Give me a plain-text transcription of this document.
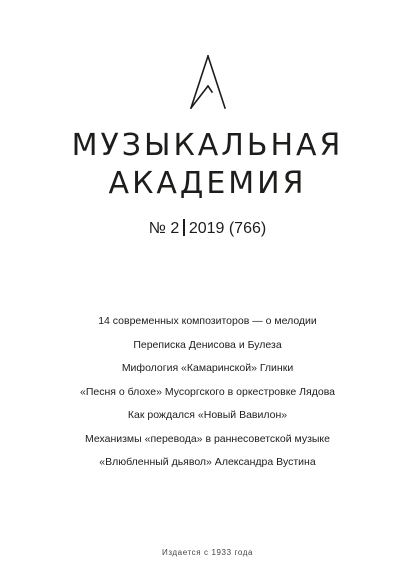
МУЗЫКАЛЬНАЯ
АКАДЕМИЯ
№ 2 2019 (766)
14 современных композиторов — о мелодии
Переписка Денисова и Булеза
Мифология «Камаринской» Глинки
«Песня о блохе» Мусоргского в оркестровке Лядова
Как рождался «Новый Вавилон»
Механизмы «перевода» в раннесоветской музыке
«Влюбленный дьявол» Александра Вустина
Издается с 1933 года
